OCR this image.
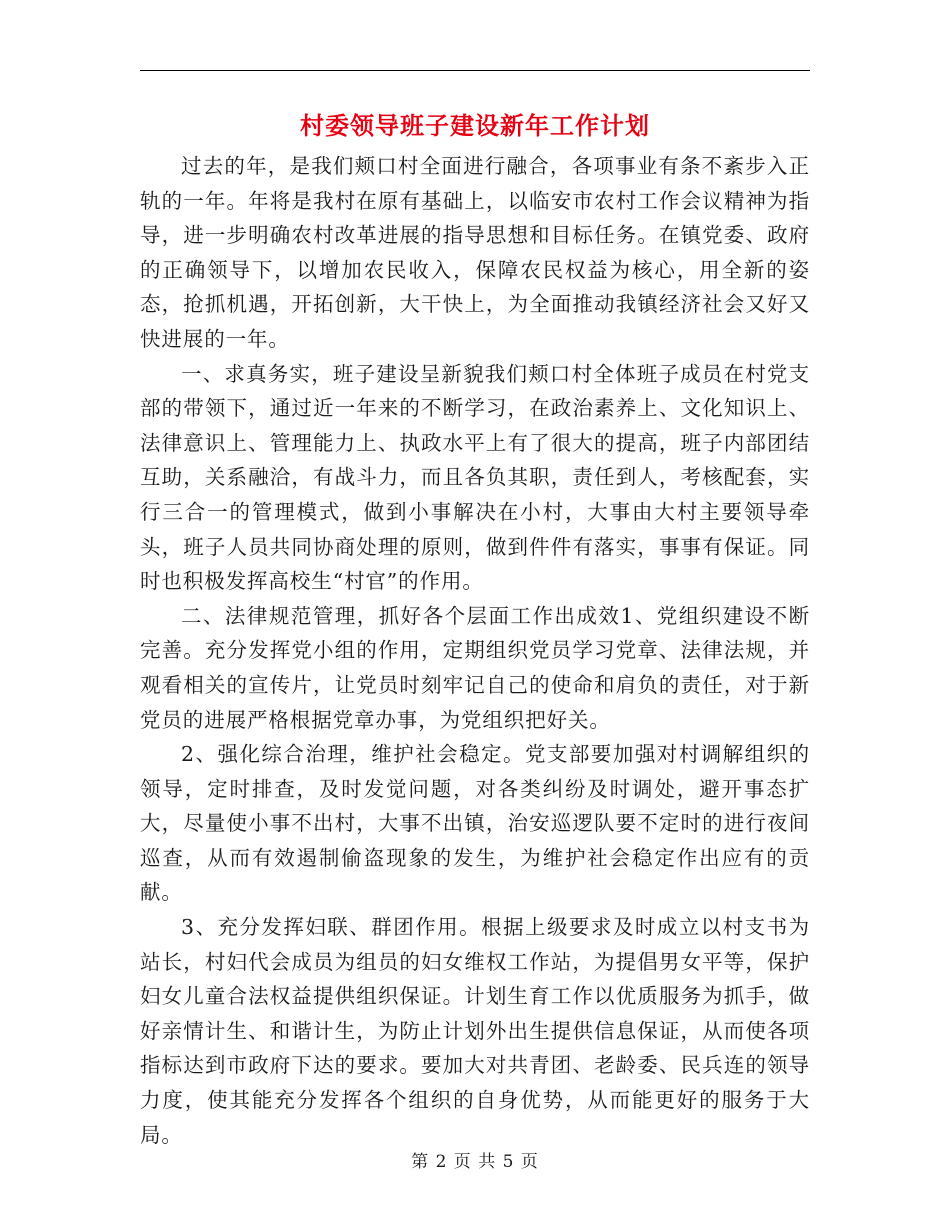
村委领导班子建设新年工作计划

过去的年，是我们颊口村全面进行融合，各项事业有条不紊步入正轨的一年。年将是我村在原有基础上，以临安市农村工作会议精神为指导，进一步明确农村改革进展的指导思想和目标任务。在镇党委、政府的正确领导下，以增加农民收入，保障农民权益为核心，用全新的姿态，抢抓机遇，开拓创新，大干快上，为全面推动我镇经济社会又好又快进展的一年。

一、求真务实，班子建设呈新貌我们颊口村全体班子成员在村党支部的带领下，通过近一年来的不断学习，在政治素养上、文化知识上、法律意识上、管理能力上、执政水平上有了很大的提高，班子内部团结互助，关系融洽，有战斗力，而且各负其职，责任到人，考核配套，实行三合一的管理模式，做到小事解决在小村，大事由大村主要领导牵头，班子人员共同协商处理的原则，做到件件有落实，事事有保证。同时也积极发挥高校生“村官”的作用。

二、法律规范管理，抓好各个层面工作出成效1、党组织建设不断完善。充分发挥党小组的作用，定期组织党员学习党章、法律法规，并观看相关的宣传片，让党员时刻牢记自己的使命和肩负的责任，对于新党员的进展严格根据党章办事，为党组织把好关。

2、强化综合治理，维护社会稳定。党支部要加强对村调解组织的领导，定时排查，及时发觉问题，对各类纠纷及时调处，避开事态扩大，尽量使小事不出村，大事不出镇，治安巡逻队要不定时的进行夜间巡查，从而有效遏制偷盗现象的发生，为维护社会稳定作出应有的贡献。

3、充分发挥妇联、群团作用。根据上级要求及时成立以村支书为站长，村妇代会成员为组员的妇女维权工作站，为提倡男女平等，保护妇女儿童合法权益提供组织保证。计划生育工作以优质服务为抓手，做好亲情计生、和谐计生，为防止计划外出生提供信息保证，从而使各项指标达到市政府下达的要求。要加大对共青团、老龄委、民兵连的领导力度，使其能充分发挥各个组织的自身优势，从而能更好的服务于大局。

第 2 页 共 5 页
